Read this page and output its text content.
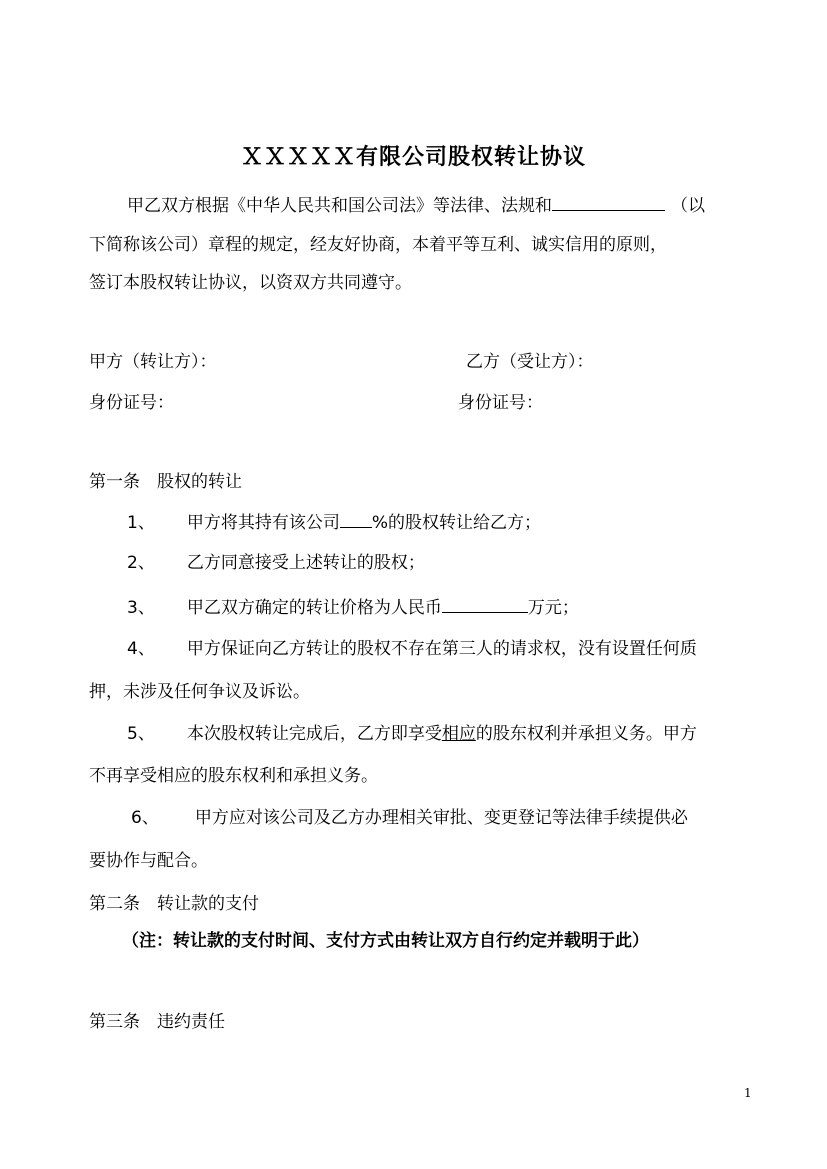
ＸＸＸＸＸ有限公司股权转让协议
甲乙双方根据《中华人民共和国公司法》等法律、法规和	（以
下简称该公司）章程的规定，经友好协商，本着平等互利、诚实信用的原则，
签订本股权转让协议，以资双方共同遵守。
甲方（转让方）：	乙方（受让方）：
身份证号：	身份证号：
第一条　股权的转让
1、 甲方将其持有该公司 %的股权转让给乙方；
2、 乙方同意接受上述转让的股权；
3、 甲乙双方确定的转让价格为人民币	万元；
4、 甲方保证向乙方转让的股权不存在第三人的请求权，没有设置任何质
押，未涉及任何争议及诉讼。
5、 本次股权转让完成后，乙方即享受相应的股东权利并承担义务。甲方
不再享受相应的股东权利和承担义务。
6、 甲方应对该公司及乙方办理相关审批、变更登记等法律手续提供必
要协作与配合。
第二条　转让款的支付
（注：转让款的支付时间、支付方式由转让双方自行约定并载明于此）
第三条　违约责任
1
